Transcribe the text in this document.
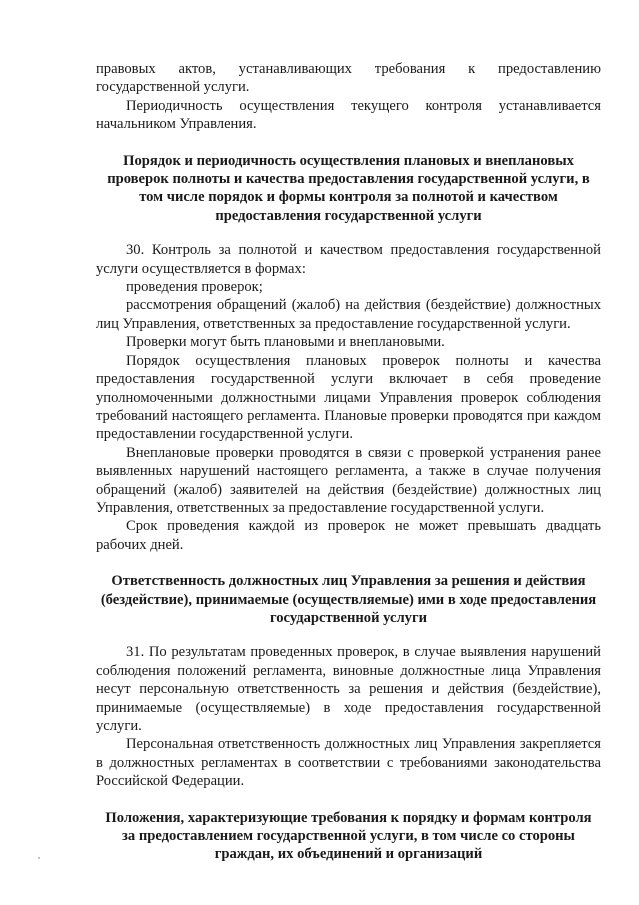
правовых актов, устанавливающих требования к предоставлению государственной услуги.

Периодичность осуществления текущего контроля устанавливается начальником Управления.

Порядок и периодичность осуществления плановых и внеплановых проверок полноты и качества предоставления государственной услуги, в том числе порядок и формы контроля за полнотой и качеством предоставления государственной услуги

30. Контроль за полнотой и качеством предоставления государственной услуги осуществляется в формах:

проведения проверок;

рассмотрения обращений (жалоб) на действия (бездействие) должностных лиц Управления, ответственных за предоставление государственной услуги.

Проверки могут быть плановыми и внеплановыми.

Порядок осуществления плановых проверок полноты и качества предоставления государственной услуги включает в себя проведение уполномоченными должностными лицами Управления проверок соблюдения требований настоящего регламента. Плановые проверки проводятся при каждом предоставлении государственной услуги.

Внеплановые проверки проводятся в связи с проверкой устранения ранее выявленных нарушений настоящего регламента, а также в случае получения обращений (жалоб) заявителей на действия (бездействие) должностных лиц Управления, ответственных за предоставление государственной услуги.

Срок проведения каждой из проверок не может превышать двадцать рабочих дней.

Ответственность должностных лиц Управления за решения и действия (бездействие), принимаемые (осуществляемые) ими в ходе предоставления государственной услуги

31. По результатам проведенных проверок, в случае выявления нарушений соблюдения положений регламента, виновные должностные лица Управления несут персональную ответственность за решения и действия (бездействие), принимаемые (осуществляемые) в ходе предоставления государственной услуги.

Персональная ответственность должностных лиц Управления закрепляется в должностных регламентах в соответствии с требованиями законодательства Российской Федерации.

Положения, характеризующие требования к порядку и формам контроля за предоставлением государственной услуги, в том числе со стороны граждан, их объединений и организаций
